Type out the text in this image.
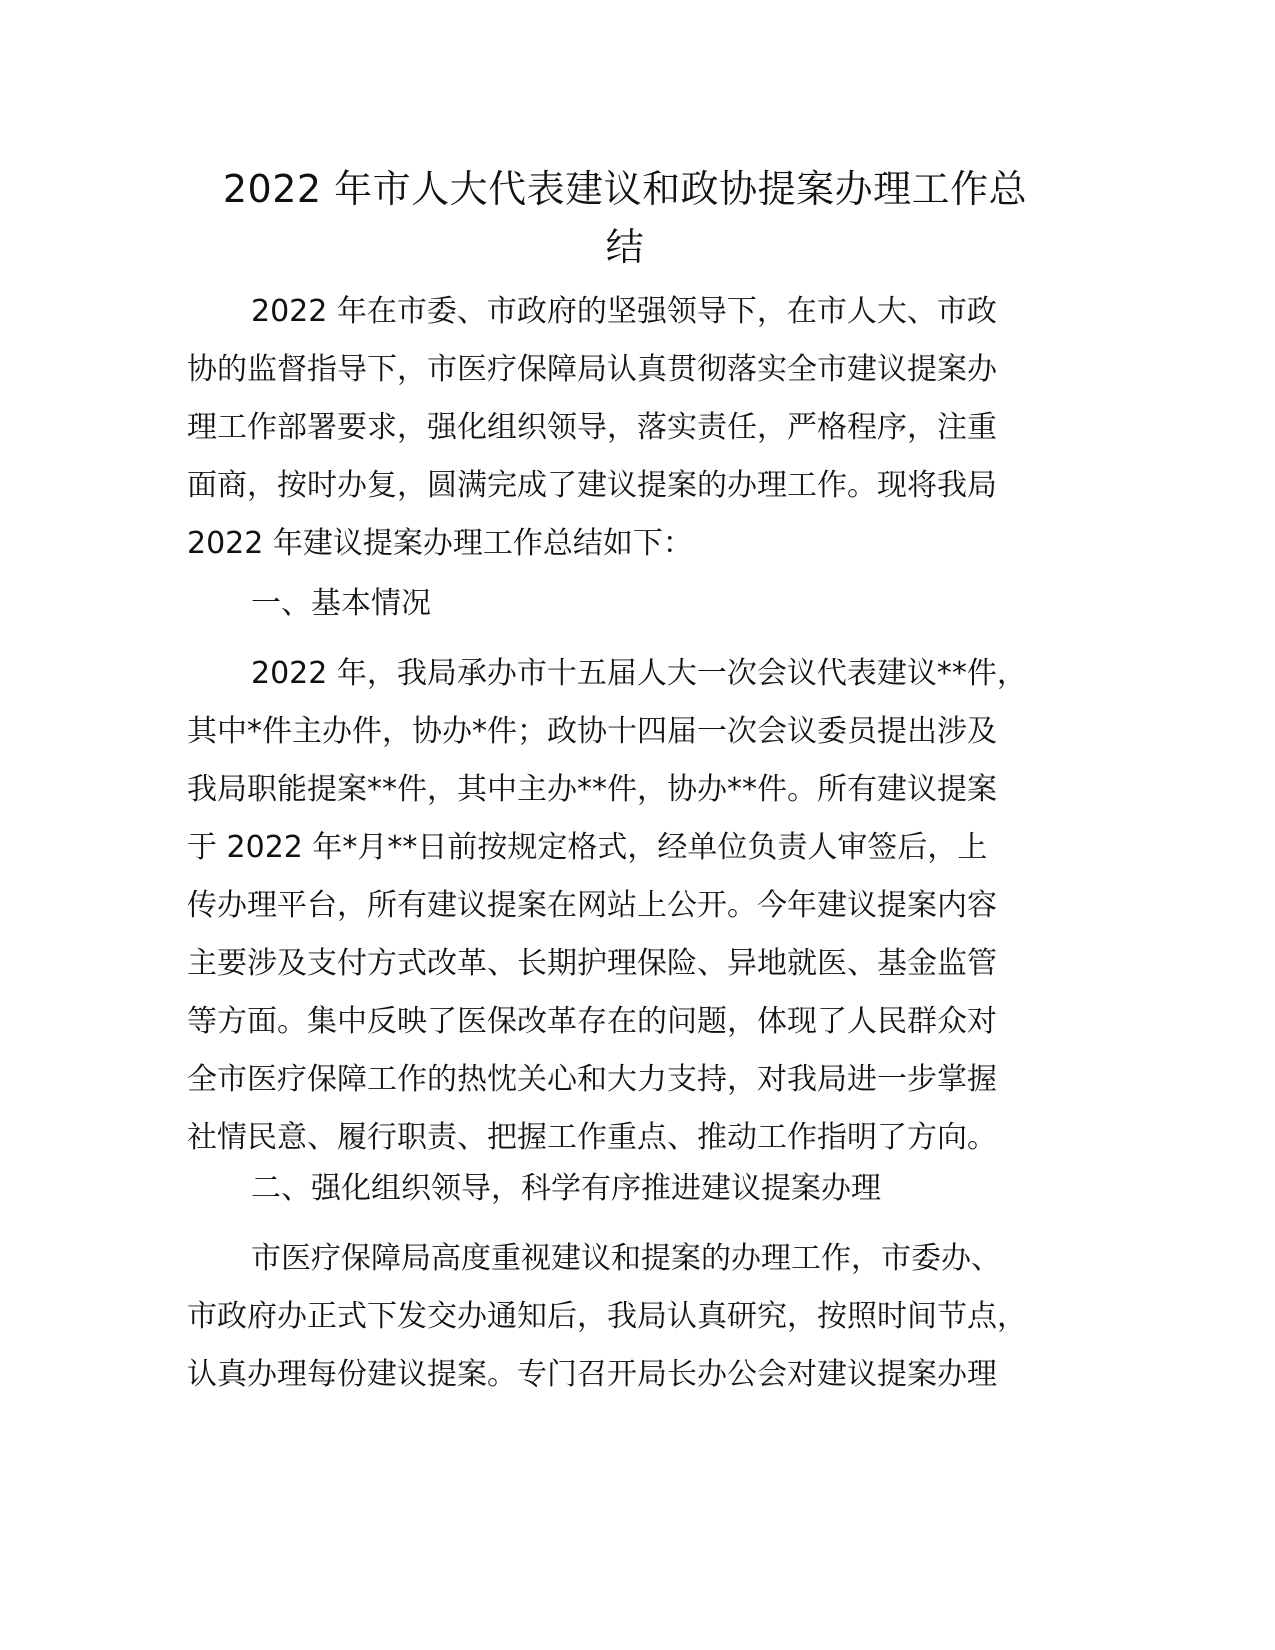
2022 年市人大代表建议和政协提案办理工作总
结
2022 年在市委、市政府的坚强领导下，在市人大、市政
协的监督指导下，市医疗保障局认真贯彻落实全市建议提案办
理工作部署要求，强化组织领导，落实责任，严格程序，注重
面商，按时办复，圆满完成了建议提案的办理工作。现将我局
2022 年建议提案办理工作总结如下：
一、基本情况
2022 年，我局承办市十五届人大一次会议代表建议**件，
其中*件主办件，协办*件；政协十四届一次会议委员提出涉及
我局职能提案**件，其中主办**件，协办**件。所有建议提案
于 2022 年*月**日前按规定格式，经单位负责人审签后，上
传办理平台，所有建议提案在网站上公开。今年建议提案内容
主要涉及支付方式改革、长期护理保险、异地就医、基金监管
等方面。集中反映了医保改革存在的问题，体现了人民群众对
全市医疗保障工作的热忱关心和大力支持，对我局进一步掌握
社情民意、履行职责、把握工作重点、推动工作指明了方向。
二、强化组织领导，科学有序推进建议提案办理
市医疗保障局高度重视建议和提案的办理工作，市委办、
市政府办正式下发交办通知后，我局认真研究，按照时间节点，
认真办理每份建议提案。专门召开局长办公会对建议提案办理
